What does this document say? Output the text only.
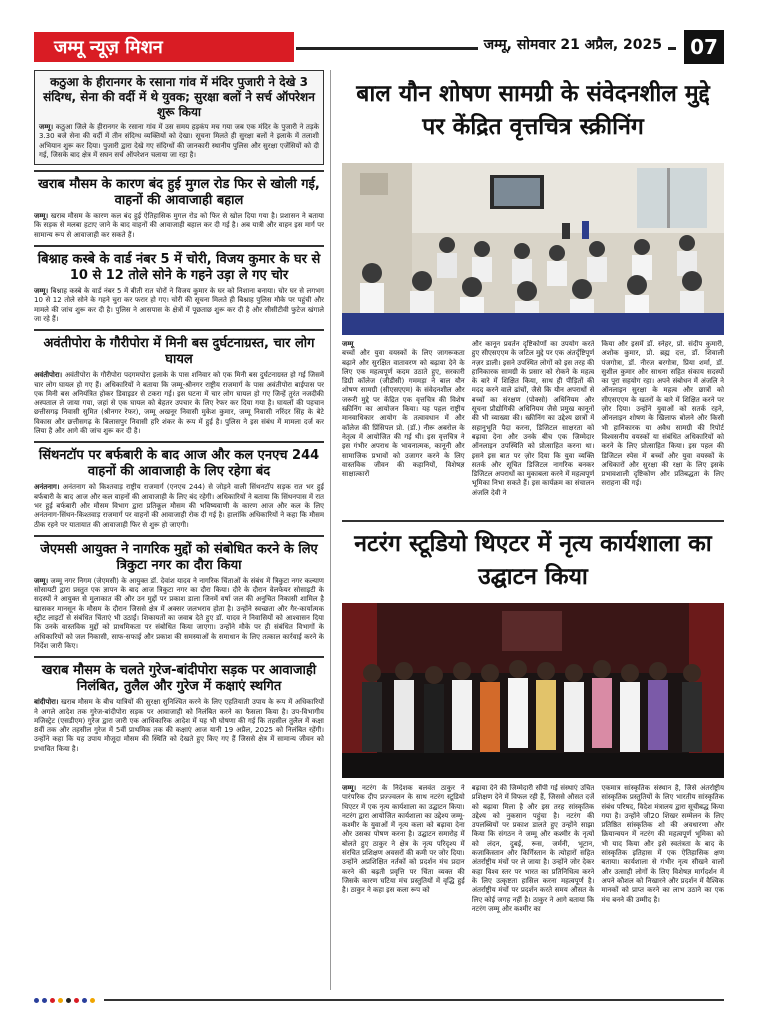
जम्मू न्यूज़ मिशन	जम्मू, सोमवार 21 अप्रैल, 2025	07
कठुआ के हीरानगर के रसाना गांव में मंदिर पुजारी ने देखे 3 संदिग्ध, सेना की वर्दी में थे युवक; सुरक्षा बलों ने सर्च ऑपरेशन शुरू किया

जम्मू। कठुआ जिले के हीरानगर के रसाना गांव में उस समय हड़कंप मच गया जब एक मंदिर के पुजारी ने तड़के 3.30 बजे सेना की वर्दी में तीन संदिग्ध व्यक्तियों को देखा। सूचना मिलते ही सुरक्षा बलों ने इलाके में तलाशी अभियान शुरू कर दिया। पुजारी द्वारा देखे गए संदिग्धों की जानकारी स्थानीय पुलिस और सुरक्षा एजेंसियों को दी गई, जिसके बाद क्षेत्र में सघन सर्च ऑपरेशन चलाया जा रहा है।

खराब मौसम के कारण बंद हुई मुगल रोड फिर से खोली गई, वाहनों की आवाजाही बहाल

जम्मू। खराब मौसम के कारण कल बंद हुई ऐतिहासिक मुगल रोड को फिर से खोल दिया गया है। प्रशासन ने बताया कि सड़क से मलबा हटाए जाने के बाद वाहनों की आवाजाही बहाल कर दी गई है। अब यात्री और वाहन इस मार्ग पर सामान्य रूप से आवाजाही कर सकते हैं।

बिश्नाह कस्बे के वार्ड नंबर 5 में चोरी, विजय कुमार के घर से 10 से 12 तोले सोने के गहने उड़ा ले गए चोर

जम्मू। बिश्नाह कस्बे के वार्ड नंबर 5 में बीती रात चोरों ने विजय कुमार के घर को निशाना बनाया। चोर घर से लगभग 10 से 12 तोले सोने के गहने चुरा कर फरार हो गए। चोरी की सूचना मिलते ही बिश्नाह पुलिस मौके पर पहुंची और मामले की जांच शुरू कर दी है। पुलिस ने आसपास के क्षेत्रों में पूछताछ शुरू कर दी है और सीसीटीवी फुटेज खंगाले जा रहे हैं।

अवंतीपोरा के गौरीपोरा में मिनी बस दुर्घटनाग्रस्त, चार लोग घायल

अवंतीपोरा। अवंतीपोरा के गौरीपोरा पदगमपोरा इलाके के पास शनिवार को एक मिनी बस दुर्घटनाग्रस्त हो गई जिसमें चार लोग घायल हो गए हैं। अधिकारियों ने बताया कि जम्मू-श्रीनगर राष्ट्रीय राजमार्ग के पास अवंतीपोरा बाईपास पर एक मिनी बस अनियंत्रित होकर डिवाइडर से टकरा गई। इस घटना में चार लोग घायल हो गए जिन्हें तुरंत नजदीकी अस्पताल ले जाया गया, जहां से एक घायल को बेहतर उपचार के लिए रेफर कर दिया गया है। घायलों की पहचान छत्तीसगढ़ निवासी सुमित (श्रीनगर रेफर), जम्मू अखनूर निवासी मुकेश कुमार, जम्मू निवासी नरिंदर सिंह के बेटे विकास और छत्तीसगढ़ के बिलासपुर निवासी हरि शंकर के रूप में हुई है। पुलिस ने इस संबंध में मामला दर्ज कर लिया है और आगे की जांच शुरू कर दी है।

सिंथनटॉप पर बर्फबारी के बाद आज और कल एनएच 244 वाहनों की आवाजाही के लिए रहेगा बंद

अनंतनाग। अनंतनाग को किश्तवाड़ राष्ट्रीय राजमार्ग (एनएच 244) से जोड़ने वाली सिंथनटॉप सड़क रात भर हुई बर्फबारी के बाद आज और कल वाहनों की आवाजाही के लिए बंद रहेगी। अधिकारियों ने बताया कि सिंथनपास में रात भर हुई बर्फबारी और मौसम विभाग द्वारा प्रतिकूल मौसम की भविष्यवाणी के कारण आज और कल के लिए अनंतनाग-सिंथन-किश्तवाड़ राजमार्ग पर वाहनों की आवाजाही रोक दी गई है। हालांकि अधिकारियों ने कहा कि मौसम ठीक रहने पर यातायात की आवाजाही फिर से शुरू हो जाएगी।

जेएमसी आयुक्त ने नागरिक मुद्दों को संबोधित करने के लिए त्रिकुटा नगर का दौरा किया

जम्मू। जम्मू नगर निगम (जेएमसी) के आयुक्त डॉ. देवांश यादव ने नागरिक चिंताओं के संबंध में त्रिकुटा नगर कल्याण सोसायटी द्वारा प्रस्तुत एक ज्ञापन के बाद आज त्रिकुटा नगर का दौरा किया। दौरे के दौरान वेलफेयर सोसाइटी के सदस्यों ने आयुक्त से मुलाकात की और उन मुद्दों पर प्रकाश डाला जिनमें वर्षा जल की अनुचित निकासी शामिल है खासकर मानसून के मौसम के दौरान जिससे क्षेत्र में अक्सर जलभराव होता है। उन्होंने स्वच्छता और गैर-कार्यात्मक स्ट्रीट लाइटों से संबंधित चिंताएं भी उठाईं। शिकायतों का जवाब देते हुए डॉ. यादव ने निवासियों को आश्वासन दिया कि उनके वास्तविक मुद्दों को प्राथमिकता पर संबोधित किया जाएगा। उन्होंने मौके पर ही संबंधित विभागों के अधिकारियों को जल निकासी, साफ-सफाई और प्रकाश की समस्याओं के समाधान के लिए तत्काल कार्रवाई करने के निर्देश जारी किए।

खराब मौसम के चलते गुरेज-बांदीपोरा सड़क पर आवाजाही निलंबित, तुलैल और गुरेज में कक्षाएं स्थगित

बांदीपोरा। खराब मौसम के बीच यात्रियों की सुरक्षा सुनिश्चित करने के लिए एहतियाती उपाय के रूप में अधिकारियों ने अगले आदेश तक गुरेज-बांदीपोरा सड़क पर आवाजाही को निलंबित करने का फैसला किया है। उप-विभागीय मजिस्ट्रेट (एसडीएम) गुरेज द्वारा जारी एक आधिकारिक आदेश में यह भी घोषणा की गई कि तहसील तुलैल में कक्षा 8वीं तक और तहसील गुरेज में 5वीं प्राथमिक तक की कक्षाएं आज यानी 19 अप्रैल, 2025 को निलंबित रहेंगी। उन्होंने कहा कि यह उपाय मौजूदा मौसम की स्थिति को देखते हुए किए गए हैं जिससे क्षेत्र में सामान्य जीवन को प्रभावित किया है।

बाल यौन शोषण सामग्री के संवेदनशील मुद्दे पर केंद्रित वृत्तचित्र स्क्रीनिंग

जम्मू
बच्चों और युवा वयस्कों के लिए जागरूकता बढ़ाने और सुरक्षित वातावरण को बढ़ावा देने के लिए एक महत्वपूर्ण कदम उठाते हुए, सरकारी डिग्री कॉलेज (जीडीसी) गममड़ा ने बाल यौन शोषण सामग्री (सीएसएएम) के संवेदनशील और जरूरी मुद्दे पर केंद्रित एक वृत्तचित्र की विशेष स्क्रीनिंग का आयोजन किया। यह पहल राष्ट्रीय मानवाधिकार आयोग के तत्वावधान में और कॉलेज की प्रिंसिपल प्रो. (डॉ.) नीरू अबरोल के नेतृत्व में आयोजित की गई थी। इस वृत्तचित्र ने इस गंभीर अपराध के भावनात्मक, कानूनी और सामाजिक प्रभावों को उजागर करने के लिए वास्तविक जीवन की कहानियों, विशेषज्ञ साक्षात्कारों

और कानून प्रवर्तन दृष्टिकोणों का उपयोग करते हुए सीएसएएम के जटिल मुद्दे पर एक अंतर्दृष्टिपूर्ण नज़र डाली। इसने उपस्थित लोगों को इस तरह की हानिकारक सामग्री के प्रसार को रोकने के महत्व के बारे में शिक्षित किया, साथ ही पीड़ितों की मदद करने वाले ढांचों, जैसे कि यौन अपराधों से बच्चों का संरक्षण (पोक्सो) अधिनियम और सूचना प्रौद्योगिकी अधिनियम जैसे प्रमुख कानूनों की भी व्याख्या की। स्क्रीनिंग का उद्देश्य छात्रों में सहानुभूति पैदा करना, डिजिटल साक्षरता को बढ़ावा देना और उनके बीच एक जिम्मेदार ऑनलाइन उपस्थिति को प्रोत्साहित करना था। इसने इस बात पर ज़ोर दिया कि युवा व्यक्ति सतर्क और सूचित डिजिटल नागरिक बनकर डिजिटल अपराधों का मुकाबला करने में महत्वपूर्ण भूमिका निभा सकते हैं। इस कार्यक्रम का संचालन अंजलि देवी ने

किया और इसमें डॉ. स्नेहर, प्रो. संदीप कुमारी, अशोक कुमार, प्रो. ब्रह्म दत्त, डॉ. शिवाली पंजगोत्रा, डॉ. नीरज बरगोत्रा, प्रिया शर्मा, डॉ. सुशील कुमार और साधना सहित संकाय सदस्यों का पूरा सहयोग रहा। अपने संबोधन में अंजलि ने ऑनलाइन सुरक्षा के महत्व और छात्रों को सीएसएएम के खतरों के बारे में शिक्षित करने पर ज़ोर दिया। उन्होंने युवाओं को सतर्क रहने, ऑनलाइन शोषण के खिलाफ बोलने और किसी भी हानिकारक या अवैध सामग्री की रिपोर्ट विश्वसनीय वयस्कों या संबंधित अधिकारियों को करने के लिए प्रोत्साहित किया। इस पहल की डिजिटल स्पेस में बच्चों और युवा वयस्कों के अधिकारों और सुरक्षा की रक्षा के लिए इसके प्रभावशाली दृष्टिकोण और प्रतिबद्धता के लिए सराहना की गई।

नटरंग स्टूडियो थिएटर में नृत्य कार्यशाला का उद्घाटन किया

जम्मू। नटरंग के निदेशक बलवंत ठाकुर ने पारंपरिक दीप प्रज्ज्वलन के साथ नटरंग स्टूडियो थिएटर में एक नृत्य कार्यशाला का उद्घाटन किया। नटरंग द्वारा आयोजित कार्यशाला का उद्देश्य जम्मू-कश्मीर के युवाओं में नृत्य कला को बढ़ावा देना और उसका पोषण करना है। उद्घाटन समारोह में बोलते हुए ठाकुर ने क्षेत्र के नृत्य परिदृश्य में संरचित प्रशिक्षण अवसरों की कमी पर जोर दिया। उन्होंने अप्रशिक्षित नर्तकों को प्रदर्शन मंच प्रदान करने की बढ़ती प्रवृत्ति पर चिंता व्यक्त की जिसके कारण घटिया मंच प्रस्तुतियों में वृद्धि हुई है। ठाकुर ने कहा इस कला रूप को

बढ़ावा देने की जिम्मेदारी सौंपी गई संस्थाएं उचित प्रशिक्षण देने में विफल रही हैं, जिससे औसत दर्जे को बढ़ावा मिला है और इस तरह सांस्कृतिक उद्देश्य को नुकसान पहुंचा है। नटरंग की उपलब्धियों पर प्रकाश डालते हुए उन्होंने साझा किया कि संगठन ने जम्मू और कश्मीर के नृत्यों को लंदन, दुबई, रूस, जर्मनी, भूटान, कजाकिस्तान और किर्गिस्तान के त्योहारों सहित अंतर्राष्ट्रीय मंचों पर ले जाया है। उन्होंने जोर देकर कहा विश्व स्तर पर भारत का प्रतिनिधित्व करने के लिए उत्कृष्टता हासिल करना महत्वपूर्ण है। अंतर्राष्ट्रीय मंचों पर प्रदर्शन करते समय औसत के लिए कोई जगह नहीं है। ठाकुर ने आगे बताया कि नटरंग जम्मू और कश्मीर का

एकमात्र सांस्कृतिक संस्थान है, जिसे अंतर्राष्ट्रीय सांस्कृतिक प्रस्तुतियों के लिए भारतीय सांस्कृतिक संबंध परिषद, विदेश मंत्रालय द्वारा सूचीबद्ध किया गया है। उन्होंने जी20 शिखर सम्मेलन के लिए प्रतिष्ठित सांस्कृतिक शो की अवधारणा और क्रियान्वयन में नटरंग की महत्वपूर्ण भूमिका को भी याद किया और इसे स्वतंत्रता के बाद के सांस्कृतिक इतिहास में एक ऐतिहासिक क्षण बताया। कार्यशाला से गंभीर नृत्य सीखने वालों और उत्साही लोगों के लिए विशेषज्ञ मार्गदर्शन में अपने कौशल को निखारने और प्रदर्शन में वैश्विक मानकों को प्राप्त करने का लाभ उठाने का एक मंच बनने की उम्मीद है।
